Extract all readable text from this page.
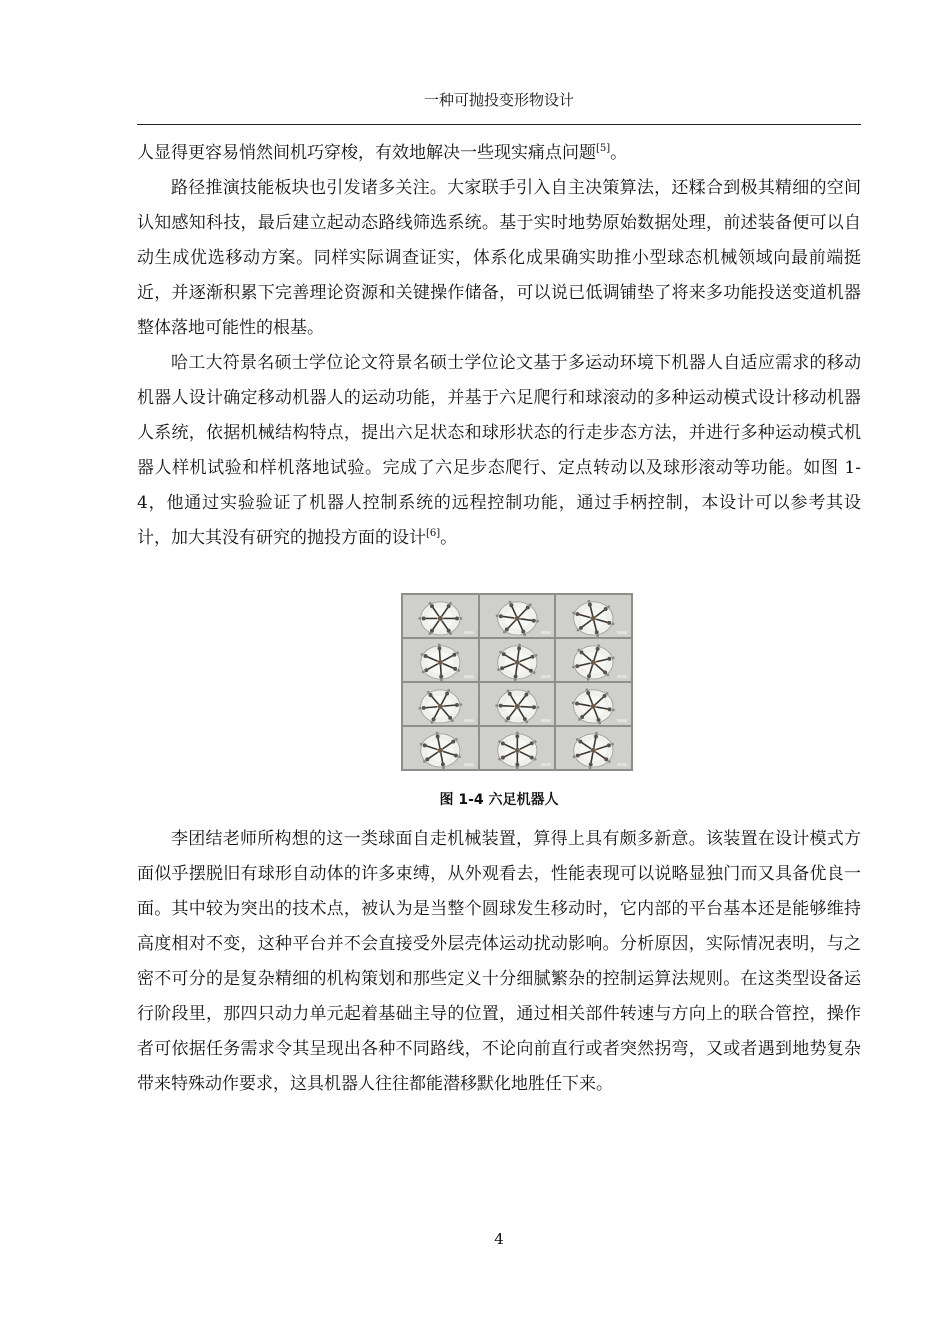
一种可抛投变形物设计

人显得更容易悄然间机巧穿梭，有效地解决一些现实痛点问题[5]。

路径推演技能板块也引发诸多关注。大家联手引入自主决策算法，还糅合到极其精细的空间认知感知科技，最后建立起动态路线筛选系统。基于实时地势原始数据处理，前述装备便可以自动生成优选移动方案。同样实际调查证实，体系化成果确实助推小型球态机械领域向最前端挺近，并逐渐积累下完善理论资源和关键操作储备，可以说已低调铺垫了将来多功能投送变道机器整体落地可能性的根基。

哈工大符景名硕士学位论文符景名硕士学位论文基于多运动环境下机器人自适应需求的移动机器人设计确定移动机器人的运动功能，并基于六足爬行和球滚动的多种运动模式设计移动机器人系统，依据机械结构特点，提出六足状态和球形状态的行走步态方法，并进行多种运动模式机器人样机试验和样机落地试验。完成了六足步态爬行、定点转动以及球形滚动等功能。如图 1-4，他通过实验验证了机器人控制系统的远程控制功能，通过手柄控制，本设计可以参考其设计，加大其没有研究的抛投方面的设计[6]。

图 1-4 六足机器人

李团结老师所构想的这一类球面自走机械装置，算得上具有颇多新意。该装置在设计模式方面似乎摆脱旧有球形自动体的许多束缚，从外观看去，性能表现可以说略显独门而又具备优良一面。其中较为突出的技术点，被认为是当整个圆球发生移动时，它内部的平台基本还是能够维持高度相对不变，这种平台并不会直接受外层壳体运动扰动影响。分析原因，实际情况表明，与之密不可分的是复杂精细的机构策划和那些定义十分细腻繁杂的控制运算法规则。在这类型设备运行阶段里，那四只动力单元起着基础主导的位置，通过相关部件转速与方向上的联合管控，操作者可依据任务需求令其呈现出各种不同路线，不论向前直行或者突然拐弯，又或者遇到地势复杂带来特殊动作要求，这具机器人往往都能潜移默化地胜任下来。

4
